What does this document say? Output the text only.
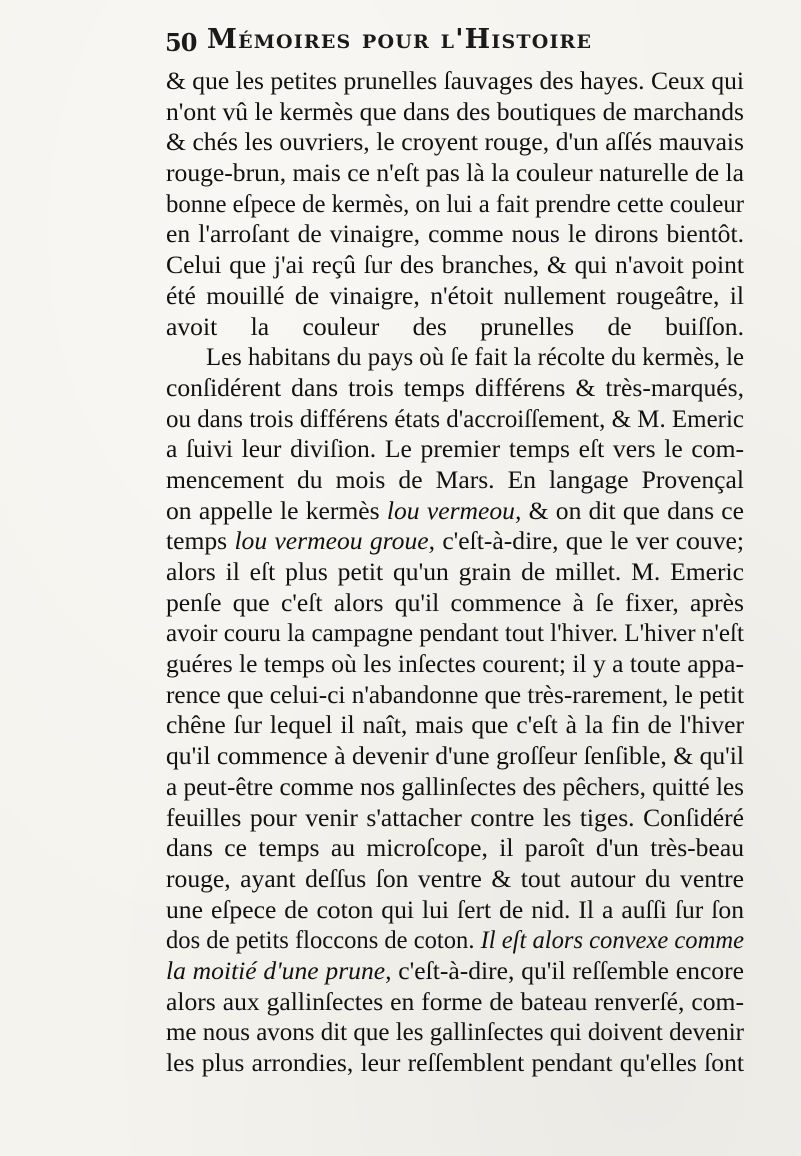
50 Mémoires pour l'Histoire
& que les petites prunelles ſauvages des hayes. Ceux qui
n'ont vû le kermès que dans des boutiques de marchands
& chés les ouvriers, le croyent rouge, d'un aſſés mauvais
rouge-brun, mais ce n'eſt pas là la couleur naturelle de la
bonne eſpece de kermès, on lui a fait prendre cette couleur
en l'arroſant de vinaigre, comme nous le dirons bientôt.
Celui que j'ai reçû ſur des branches, & qui n'avoit point
été mouillé de vinaigre, n'étoit nullement rougeâtre, il
avoit la couleur des prunelles de buiſſon.
Les habitans du pays où ſe fait la récolte du kermès, le
conſidérent dans trois temps différens & très-marqués,
ou dans trois différens états d'accroiſſement, & M. Emeric
a ſuivi leur diviſion. Le premier temps eſt vers le com-
mencement du mois de Mars. En langage Provençal
on appelle le kermès lou vermeou, & on dit que dans ce
temps lou vermeou groue, c'eſt-à-dire, que le ver couve;
alors il eſt plus petit qu'un grain de millet. M. Emeric
penſe que c'eſt alors qu'il commence à ſe fixer, après
avoir couru la campagne pendant tout l'hiver. L'hiver n'eſt
guéres le temps où les inſectes courent; il y a toute appa-
rence que celui-ci n'abandonne que très-rarement, le petit
chêne ſur lequel il naît, mais que c'eſt à la fin de l'hiver
qu'il commence à devenir d'une groſſeur ſenſible, & qu'il
a peut-être comme nos gallinſectes des pêchers, quitté les
feuilles pour venir s'attacher contre les tiges. Conſidéré
dans ce temps au microſcope, il paroît d'un très-beau
rouge, ayant deſſus ſon ventre & tout autour du ventre
une eſpece de coton qui lui ſert de nid. Il a auſſi ſur ſon
dos de petits floccons de coton. Il eſt alors convexe comme
la moitié d'une prune, c'eſt-à-dire, qu'il reſſemble encore
alors aux gallinſectes en forme de bateau renverſé, com-
me nous avons dit que les gallinſectes qui doivent devenir
les plus arrondies, leur reſſemblent pendant qu'elles ſont
